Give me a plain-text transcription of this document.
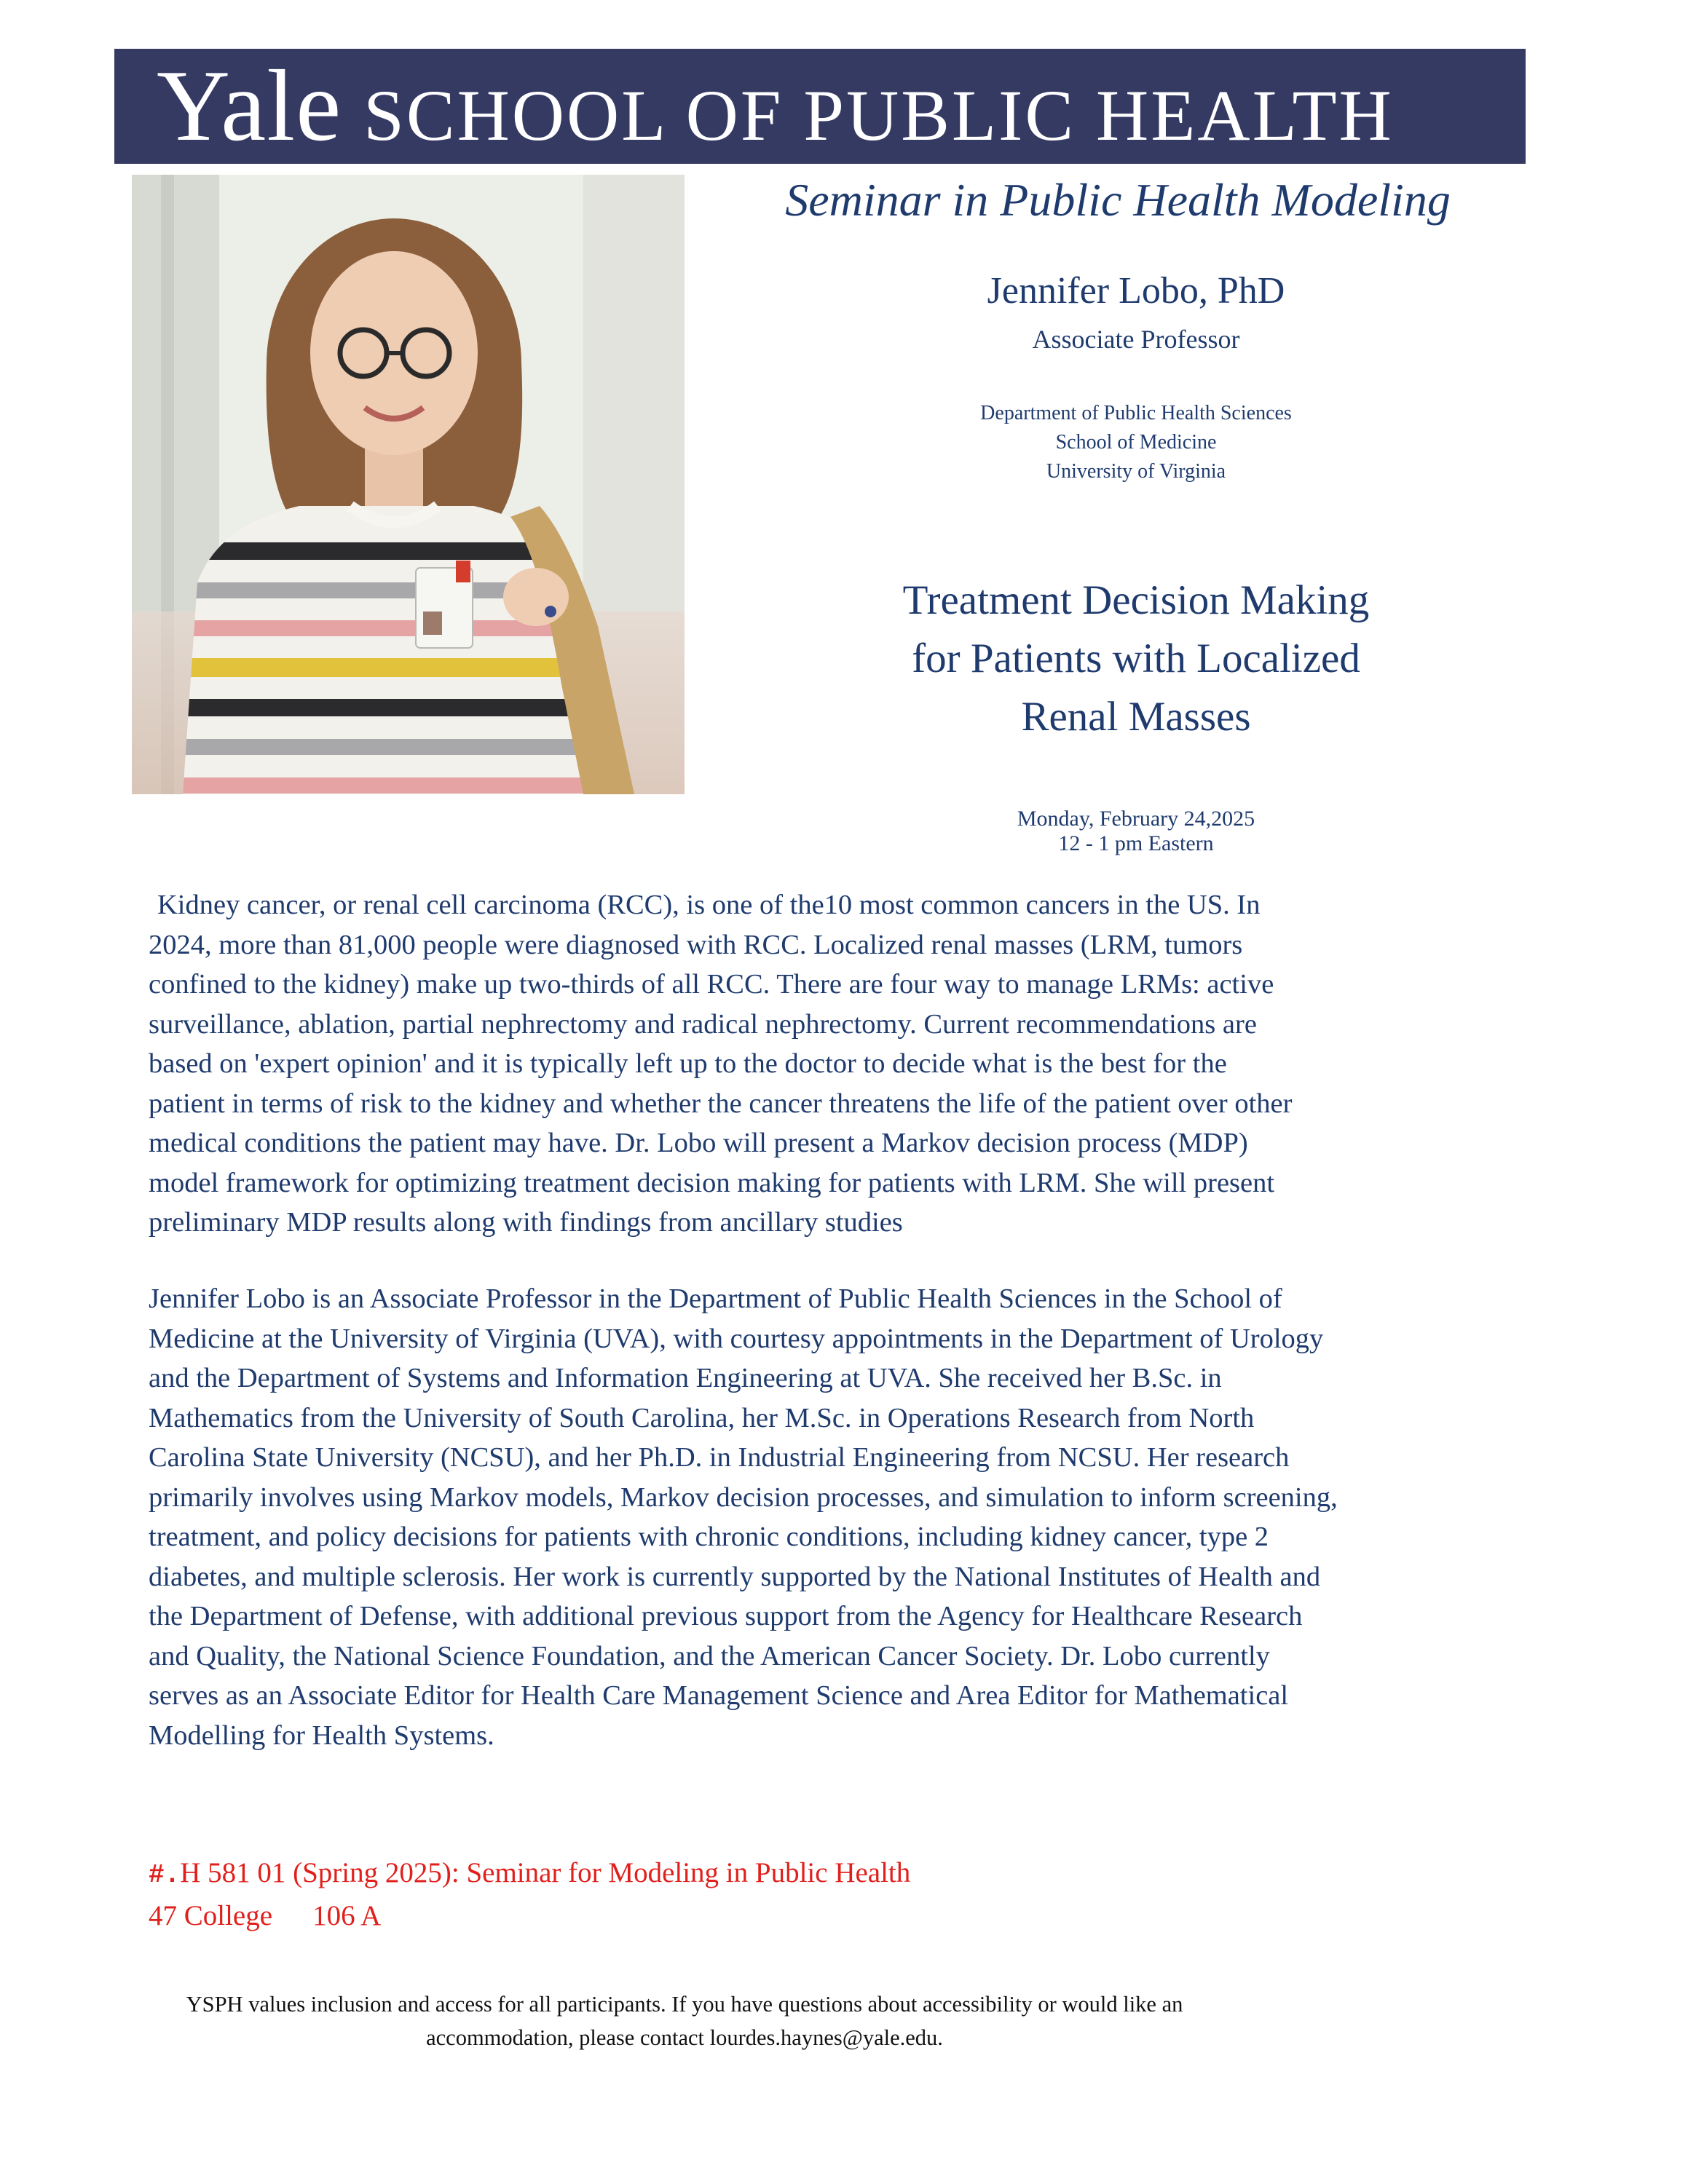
Yale SCHOOL OF PUBLIC HEALTH
Seminar in Public Health Modeling
Jennifer Lobo, PhD
Associate Professor
Department of Public Health Sciences
School of Medicine
University of Virginia
Treatment Decision Making
for Patients with Localized
Renal Masses
Monday, February 24,2025
12 - 1 pm Eastern
Kidney cancer, or renal cell carcinoma (RCC), is one of the10 most common cancers in the US. In
2024, more than 81,000 people were diagnosed with RCC. Localized renal masses (LRM, tumors
confined to the kidney) make up two-thirds of all RCC. There are four way to manage LRMs: active
surveillance, ablation, partial nephrectomy and radical nephrectomy. Current recommendations are
based on 'expert opinion' and it is typically left up to the doctor to decide what is the best for the
patient in terms of risk to the kidney and whether the cancer threatens the life of the patient over other
medical conditions the patient may have. Dr. Lobo will present a Markov decision process (MDP)
model framework for optimizing treatment decision making for patients with LRM. She will present
preliminary MDP results along with findings from ancillary studies
Jennifer Lobo is an Associate Professor in the Department of Public Health Sciences in the School of
Medicine at the University of Virginia (UVA), with courtesy appointments in the Department of Urology
and the Department of Systems and Information Engineering at UVA. She received her B.Sc. in
Mathematics from the University of South Carolina, her M.Sc. in Operations Research from North
Carolina State University (NCSU), and her Ph.D. in Industrial Engineering from NCSU. Her research
primarily involves using Markov models, Markov decision processes, and simulation to inform screening,
treatment, and policy decisions for patients with chronic conditions, including kidney cancer, type 2
diabetes, and multiple sclerosis. Her work is currently supported by the National Institutes of Health and
the Department of Defense, with additional previous support from the Agency for Healthcare Research
and Quality, the National Science Foundation, and the American Cancer Society. Dr. Lobo currently
serves as an Associate Editor for Health Care Management Science and Area Editor for Mathematical
Modelling for Health Systems.
#.H 581 01 (Spring 2025): Seminar for Modeling in Public Health
47 College 106 A
YSPH values inclusion and access for all participants. If you have questions about accessibility or would like an
accommodation, please contact lourdes.haynes@yale.edu.
